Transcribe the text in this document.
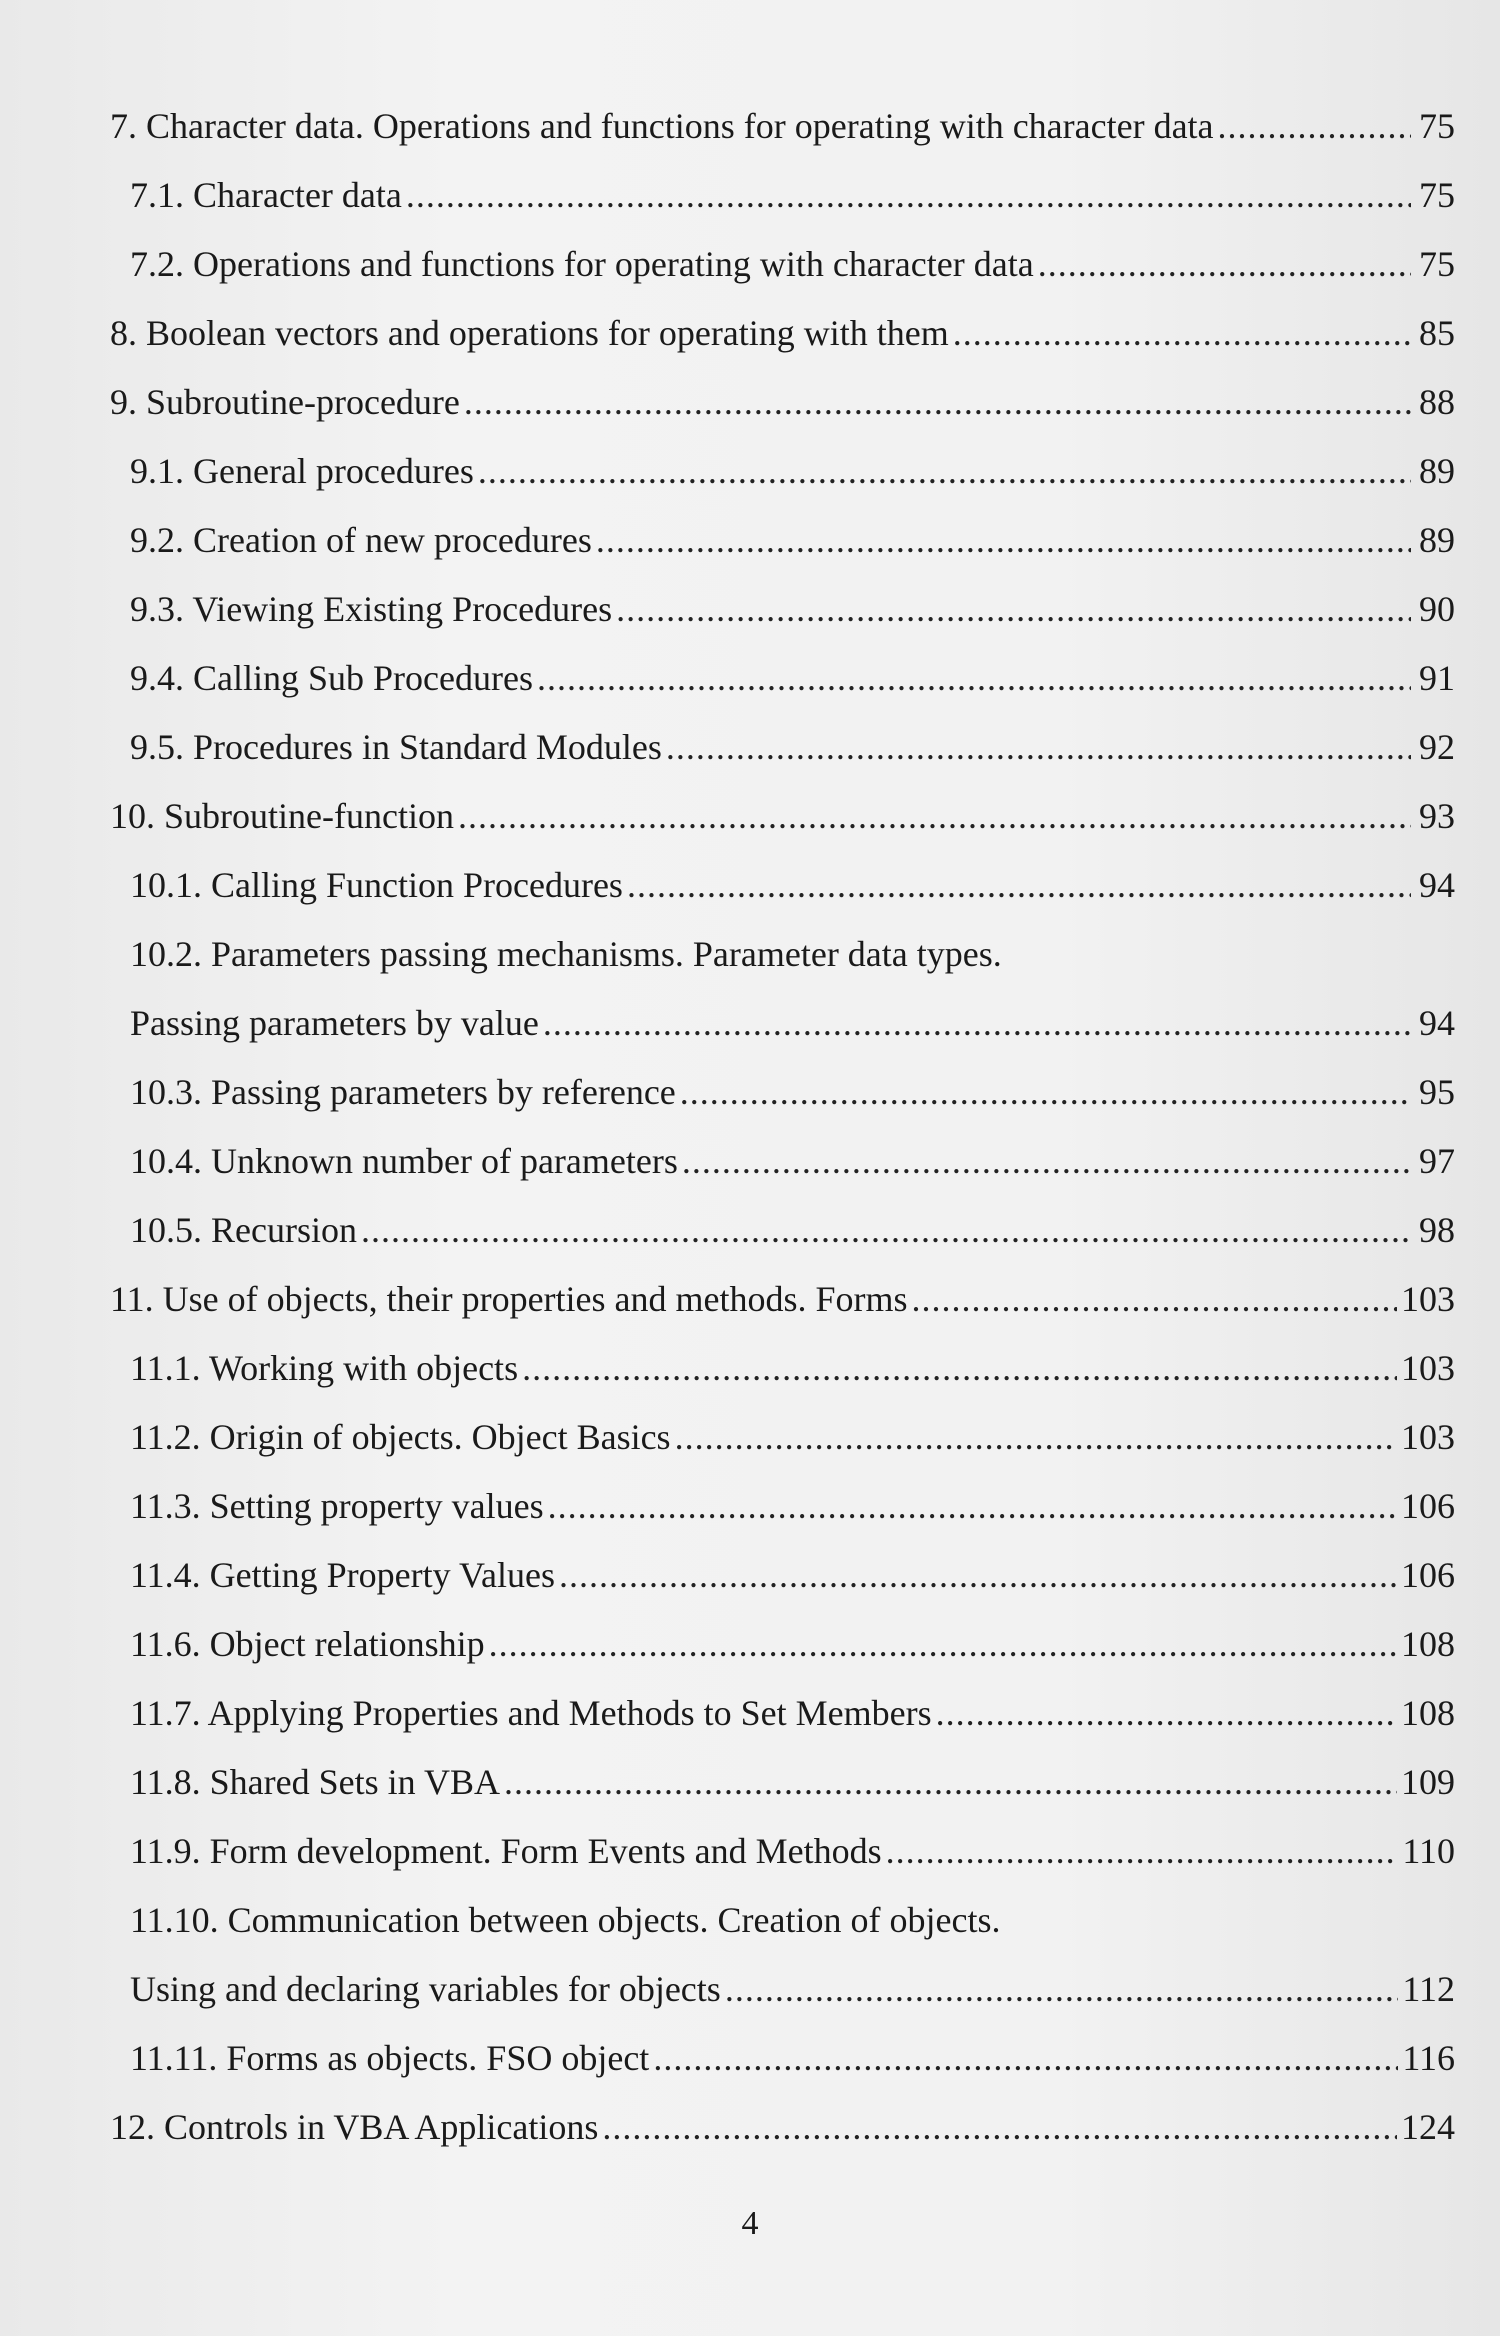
7. Character data. Operations and functions for operating with character data .....	75
7.1. Character data .....	75
7.2. Operations and functions for operating with character data .....	75
8. Boolean vectors and operations for operating with them .....	85
9. Subroutine-procedure .....	88
9.1. General procedures .....	89
9.2. Creation of new procedures .....	89
9.3. Viewing Existing Procedures .....	90
9.4. Calling Sub Procedures .....	91
9.5. Procedures in Standard Modules .....	92
10. Subroutine-function .....	93
10.1. Calling Function Procedures .....	94
10.2. Parameters passing mechanisms. Parameter data types.
Passing parameters by value .....	94
10.3. Passing parameters by reference .....	95
10.4. Unknown number of parameters .....	97
10.5. Recursion .....	98
11. Use of objects, their properties and methods. Forms .....	103
11.1. Working with objects .....	103
11.2. Origin of objects. Object Basics .....	103
11.3. Setting property values .....	106
11.4. Getting Property Values .....	106
11.6. Object relationship .....	108
11.7. Applying Properties and Methods to Set Members .....	108
11.8. Shared Sets in VBA .....	109
11.9. Form development. Form Events and Methods .....	110
11.10. Communication between objects. Creation of objects.
Using and declaring variables for objects .....	112
11.11. Forms as objects. FSO object .....	116
12. Controls in VBA Applications .....	124
4
